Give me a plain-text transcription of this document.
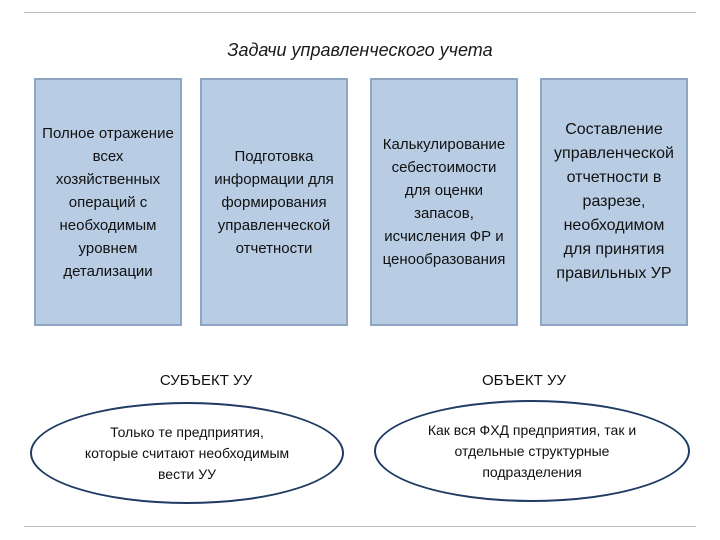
Задачи управленческого учета
Полное отражение всех хозяйственных операций с необходимым уровнем детализации
Подготовка информации для формирования управленческой отчетности
Калькулирование себестоимости для оценки запасов, исчисления ФР и ценообразования
Составление управленческой отчетности в разрезе, необходимом для принятия правильных УР
СУБЪЕКТ УУ	ОБЪЕКТ УУ
Только те предприятия, которые считают необходимым вести УУ
Как вся ФХД предприятия, так и отдельные структурные подразделения
